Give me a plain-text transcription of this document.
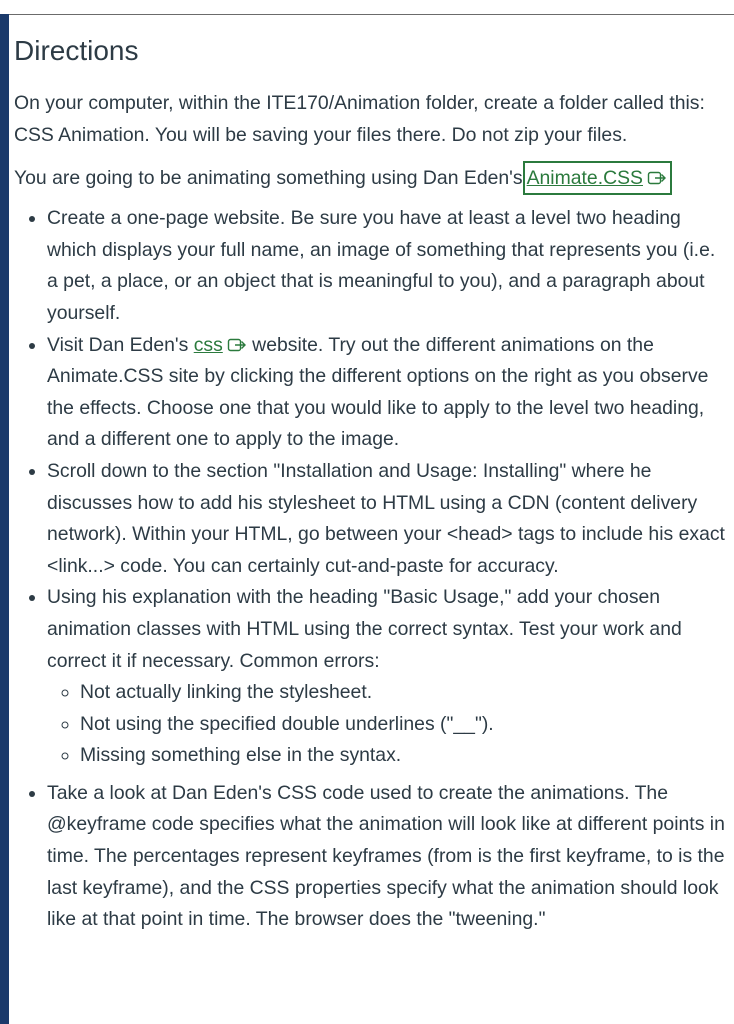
Directions

On your computer, within the ITE170/Animation folder, create a folder called this: CSS Animation. You will be saving your files there. Do not zip your files.

You are going to be animating something using Dan Eden's Animate.CSS

• Create a one-page website. Be sure you have at least a level two heading which displays your full name, an image of something that represents you (i.e. a pet, a place, or an object that is meaningful to you), and a paragraph about yourself.
• Visit Dan Eden's css website. Try out the different animations on the Animate.CSS site by clicking the different options on the right as you observe the effects. Choose one that you would like to apply to the level two heading, and a different one to apply to the image.
• Scroll down to the section "Installation and Usage: Installing" where he discusses how to add his stylesheet to HTML using a CDN (content delivery network). Within your HTML, go between your <head> tags to include his exact <link...> code. You can certainly cut-and-paste for accuracy.
• Using his explanation with the heading "Basic Usage," add your chosen animation classes with HTML using the correct syntax. Test your work and correct it if necessary. Common errors:
◦ Not actually linking the stylesheet.
◦ Not using the specified double underlines ("__").
◦ Missing something else in the syntax.
• Take a look at Dan Eden's CSS code used to create the animations. The @keyframe code specifies what the animation will look like at different points in time. The percentages represent keyframes (from is the first keyframe, to is the last keyframe), and the CSS properties specify what the animation should look like at that point in time. The browser does the "tweening."
